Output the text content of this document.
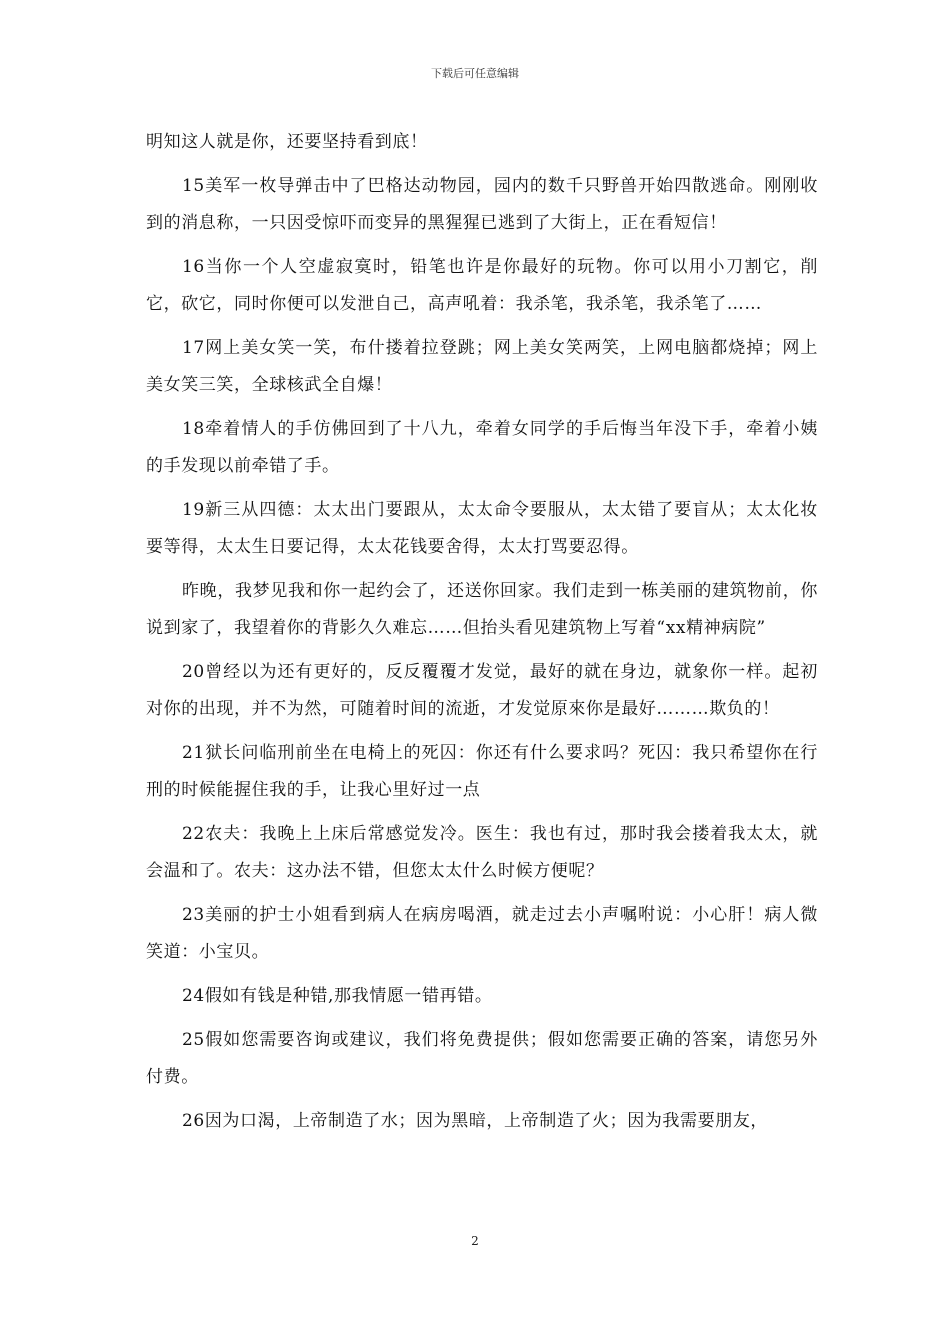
下载后可任意编辑

明知这人就是你，还要坚持看到底！

15美军一枚导弹击中了巴格达动物园，园内的数千只野兽开始四散逃命。刚刚收到的消息称，一只因受惊吓而变异的黑猩猩已逃到了大街上，正在看短信！

16当你一个人空虚寂寞时，铅笔也许是你最好的玩物。你可以用小刀割它，削它，砍它，同时你便可以发泄自己，高声吼着：我杀笔，我杀笔，我杀笔了……

17网上美女笑一笑，布什搂着拉登跳；网上美女笑两笑，上网电脑都烧掉；网上美女笑三笑，全球核武全自爆！

18牵着情人的手仿佛回到了十八九，牵着女同学的手后悔当年没下手，牵着小姨的手发现以前牵错了手。

19新三从四德：太太出门要跟从，太太命令要服从，太太错了要盲从；太太化妆要等得，太太生日要记得，太太花钱要舍得，太太打骂要忍得。

昨晚，我梦见我和你一起约会了，还送你回家。我们走到一栋美丽的建筑物前，你说到家了，我望着你的背影久久难忘……但抬头看见建筑物上写着“xx精神病院”

20曾经以为还有更好的，反反覆覆才发觉，最好的就在身边，就象你一样。起初对你的出现，并不为然，可随着时间的流逝，才发觉原來你是最好………欺负的！

21狱长问临刑前坐在电椅上的死囚：你还有什么要求吗？死囚：我只希望你在行刑的时候能握住我的手，让我心里好过一点

22农夫：我晚上上床后常感觉发冷。医生：我也有过，那时我会搂着我太太，就会温和了。农夫：这办法不错，但您太太什么时候方便呢？

23美丽的护士小姐看到病人在病房喝酒，就走过去小声嘱咐说：小心肝！病人微笑道：小宝贝。

24假如有钱是种错,那我情愿一错再错。

25假如您需要咨询或建议，我们将免费提供；假如您需要正确的答案，请您另外付费。

26因为口渴，上帝制造了水；因为黑暗，上帝制造了火；因为我需要朋友，

2
